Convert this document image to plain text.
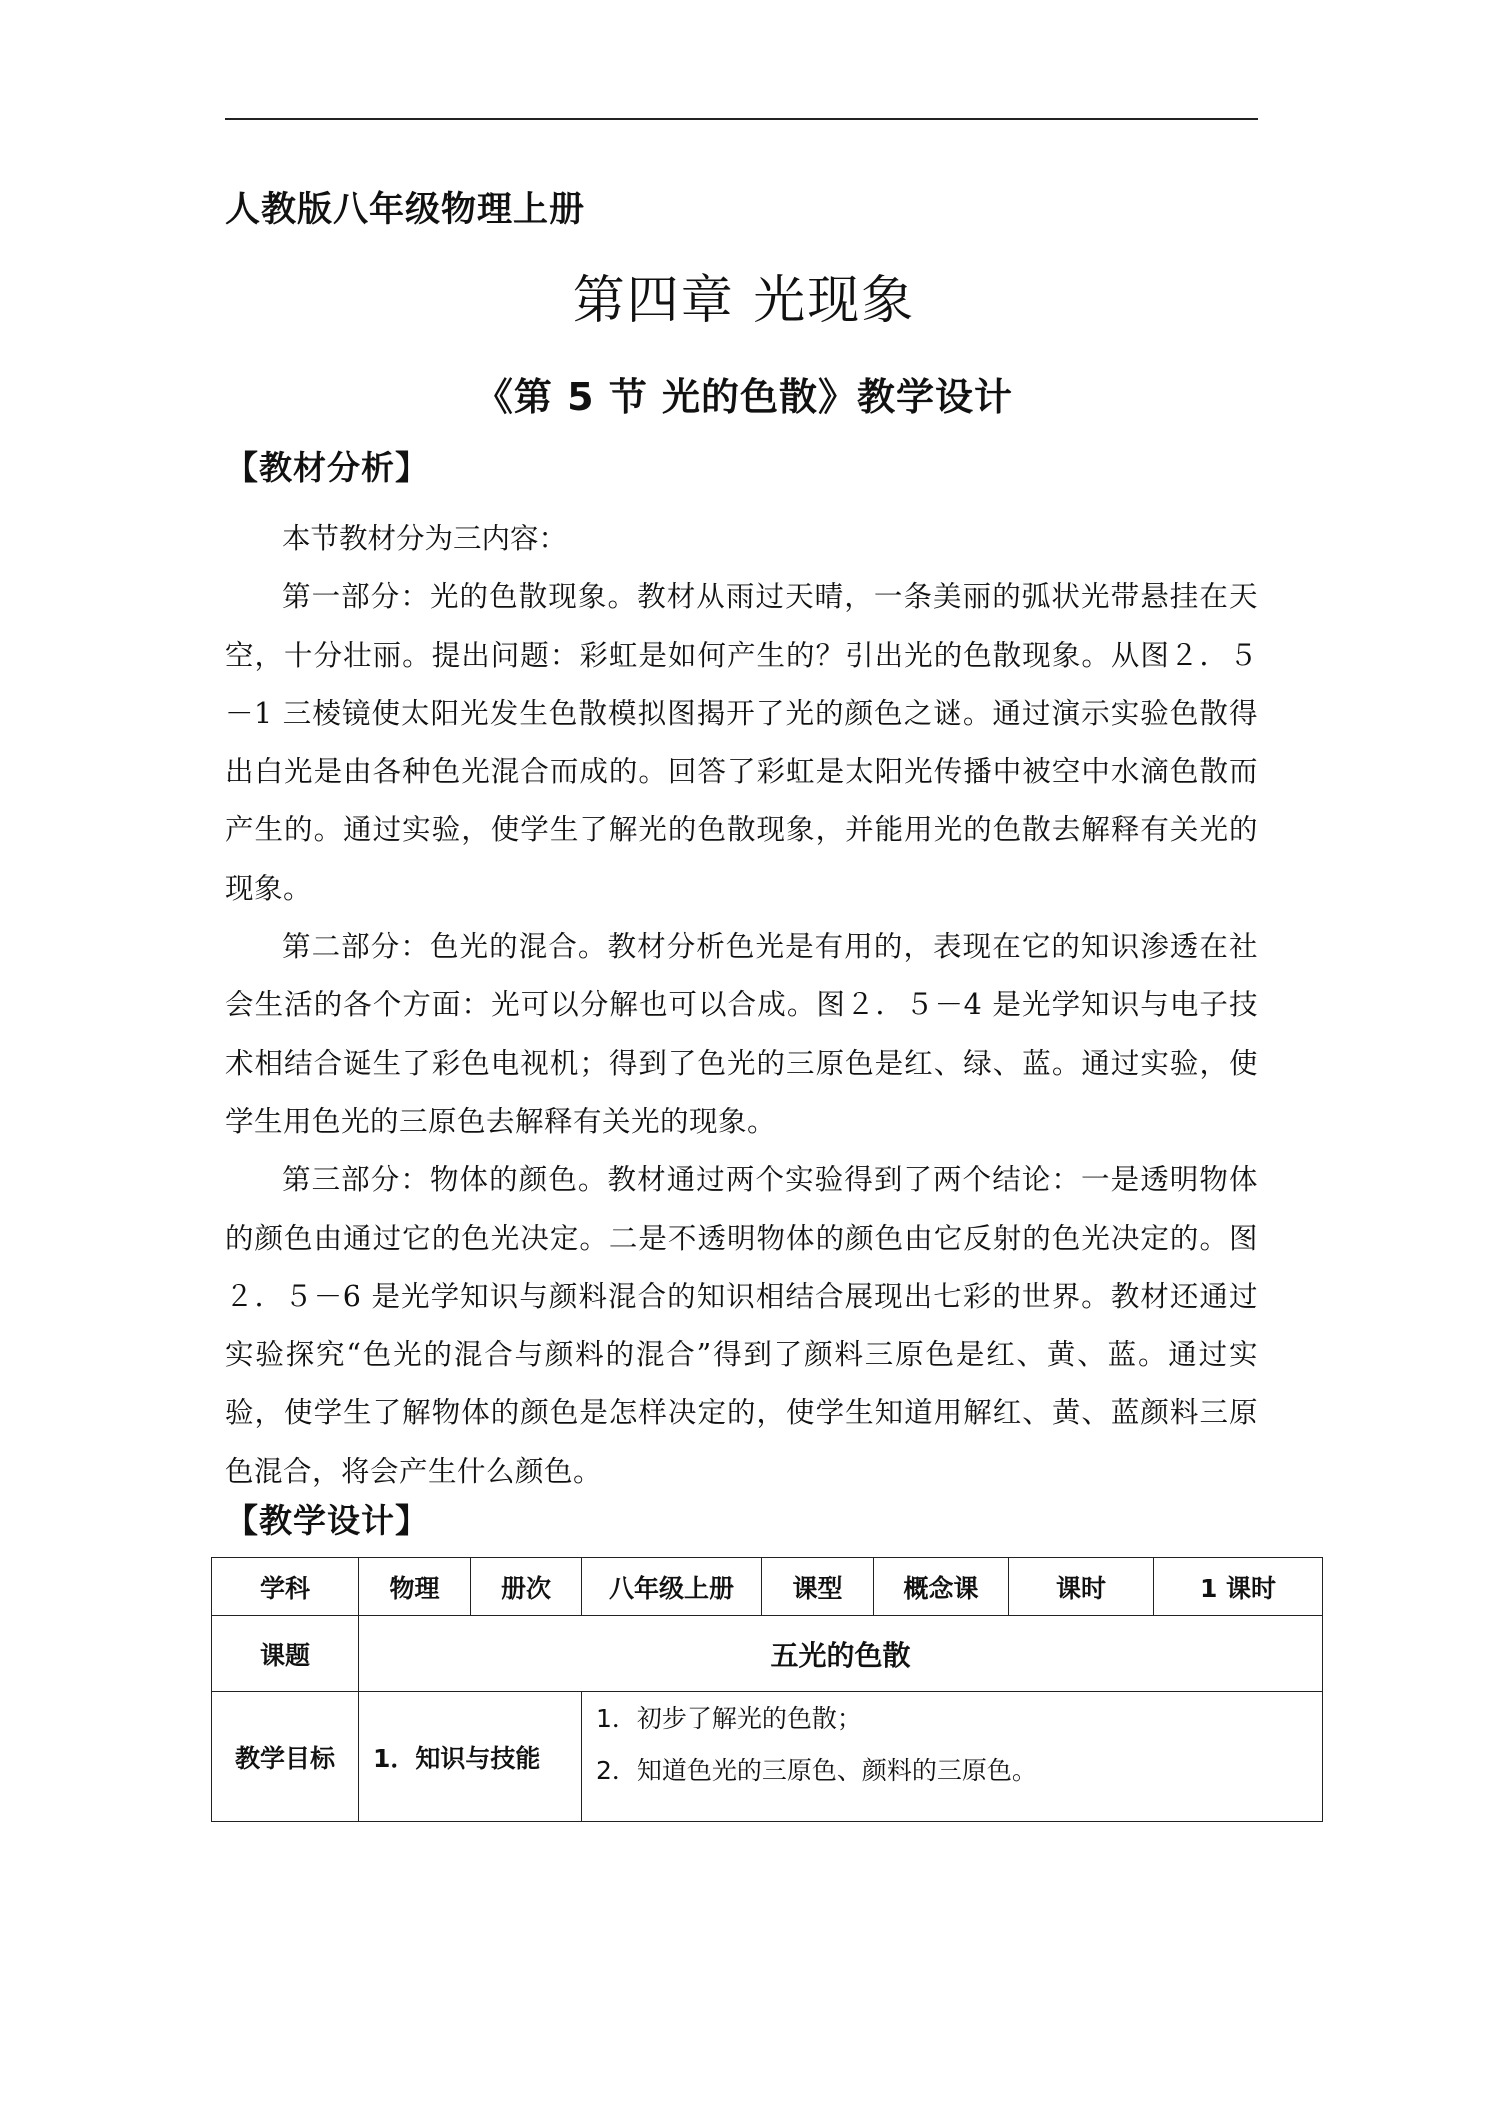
人教版八年级物理上册
第四章 光现象
《第 5 节 光的色散》教学设计
【教材分析】

本节教材分为三内容：

第一部分：光的色散现象。教材从雨过天晴，一条美丽的弧状光带悬挂在天空，十分壮丽。提出问题：彩虹是如何产生的？引出光的色散现象。从图２．５－1 三棱镜使太阳光发生色散模拟图揭开了光的颜色之谜。通过演示实验色散得出白光是由各种色光混合而成的。回答了彩虹是太阳光传播中被空中水滴色散而产生的。通过实验，使学生了解光的色散现象，并能用光的色散去解释有关光的现象。

第二部分：色光的混合。教材分析色光是有用的，表现在它的知识渗透在社会生活的各个方面：光可以分解也可以合成。图２．５－4 是光学知识与电子技术相结合诞生了彩色电视机；得到了色光的三原色是红、绿、蓝。通过实验，使学生用色光的三原色去解释有关光的现象。

第三部分：物体的颜色。教材通过两个实验得到了两个结论：一是透明物体的颜色由通过它的色光决定。二是不透明物体的颜色由它反射的色光决定的。图２．５－6 是光学知识与颜料混合的知识相结合展现出七彩的世界。教材还通过实验探究“色光的混合与颜料的混合”得到了颜料三原色是红、黄、蓝。通过实验，使学生了解物体的颜色是怎样决定的，使学生知道用解红、黄、蓝颜料三原色混合，将会产生什么颜色。

【教学设计】
学科	物理	册次	八年级上册	课型	概念课	课时	1 课时
课题	五光的色散						
教学目标	1．知识与技能		1．初步了解光的色散；
2．知道色光的三原色、颜料的三原色。				
